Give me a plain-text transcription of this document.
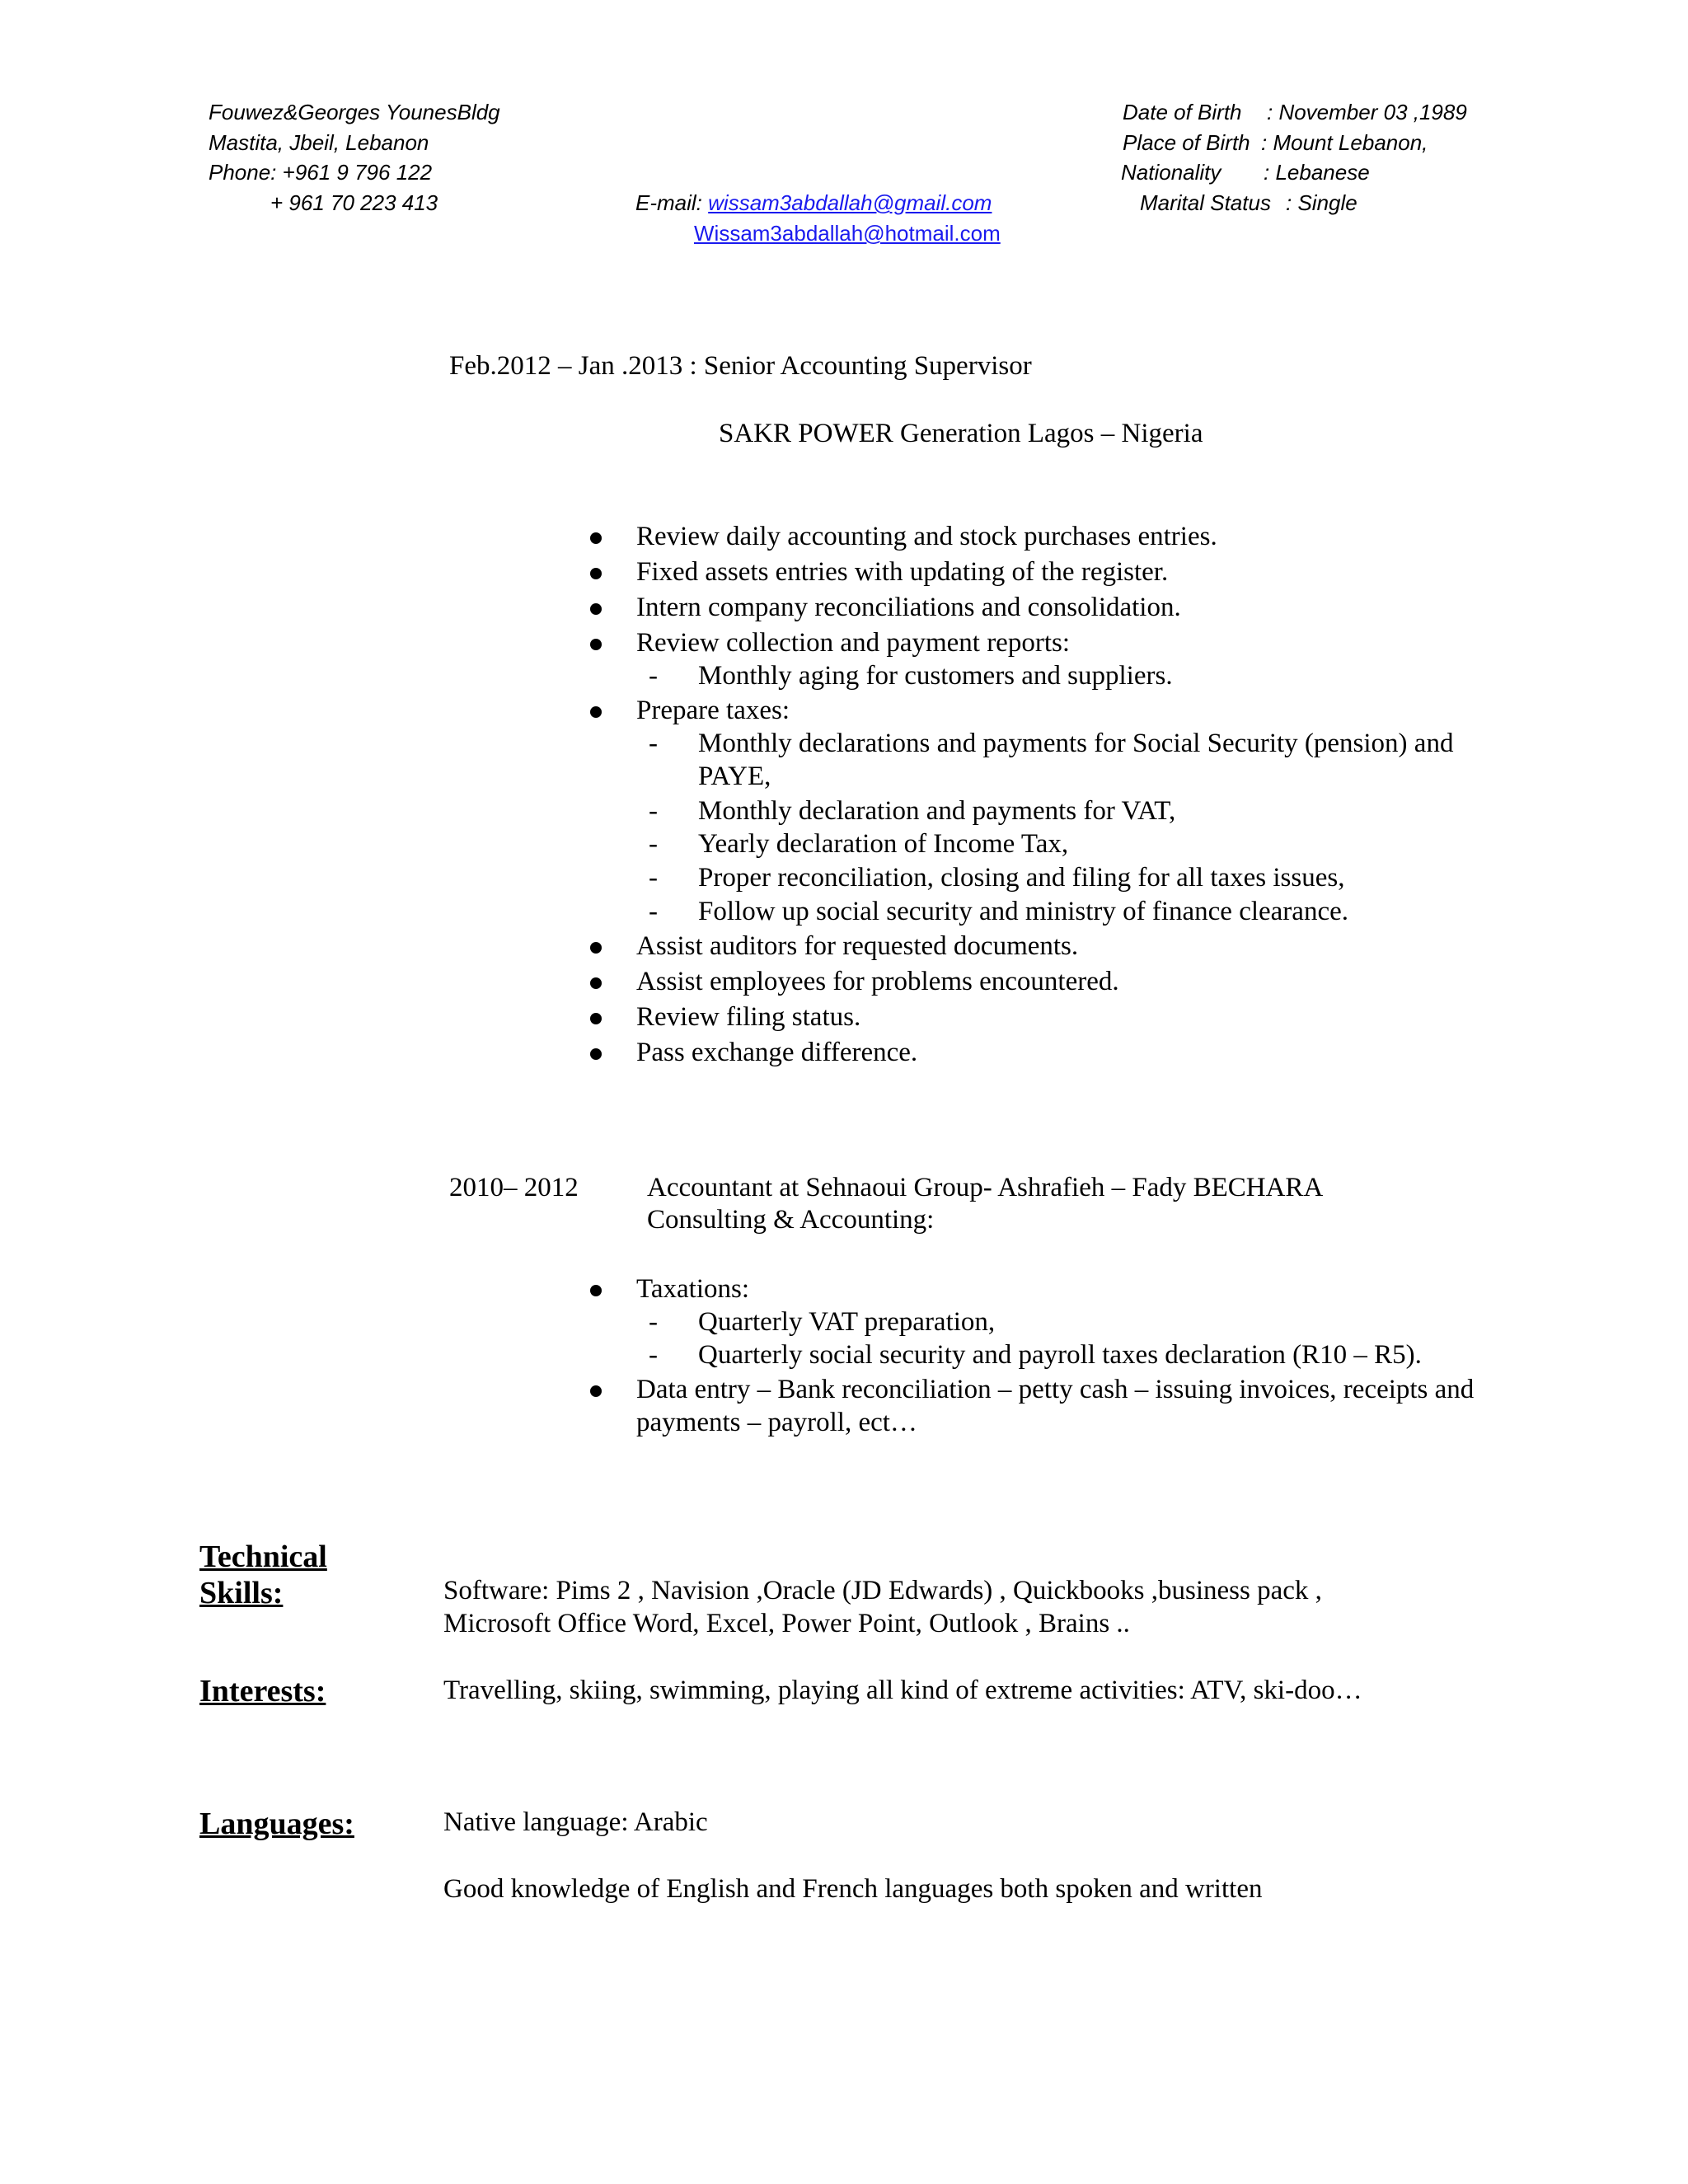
Fouwez&Georges YounesBldg
Mastita, Jbeil, Lebanon
Phone: +961 9 796 122
+ 961 70 223 413	E-mail: wissam3abdallah@gmail.com
Wissam3abdallah@hotmail.com
Date of Birth : November 03 ,1989
Place of Birth : Mount Lebanon,
Nationality : Lebanese
Marital Status : Single
Feb.2012 – Jan .2013 : Senior Accounting Supervisor
SAKR POWER Generation Lagos – Nigeria
Review daily accounting and stock purchases entries.
Fixed assets entries with updating of the register.
Intern company reconciliations and consolidation.
Review collection and payment reports:
- Monthly aging for customers and suppliers.
Prepare taxes:
- Monthly declarations and payments for Social Security (pension) and
PAYE,
- Monthly declaration and payments for VAT,
- Yearly declaration of Income Tax,
- Proper reconciliation, closing and filing for all taxes issues,
- Follow up social security and ministry of finance clearance.
Assist auditors for requested documents.
Assist employees for problems encountered.
Review filing status.
Pass exchange difference.
2010– 2012	Accountant at Sehnaoui Group- Ashrafieh – Fady BECHARA
Consulting & Accounting:
Taxations:
- Quarterly VAT preparation,
- Quarterly social security and payroll taxes declaration (R10 – R5).
Data entry – Bank reconciliation – petty cash – issuing invoices, receipts and
payments – payroll, ect…
Technical
Skills:	Software: Pims 2 , Navision ,Oracle (JD Edwards) , Quickbooks ,business pack ,
Microsoft Office Word, Excel, Power Point, Outlook , Brains ..
Interests:	Travelling, skiing, swimming, playing all kind of extreme activities: ATV, ski-doo…
Languages:	Native language: Arabic
Good knowledge of English and French languages both spoken and written
